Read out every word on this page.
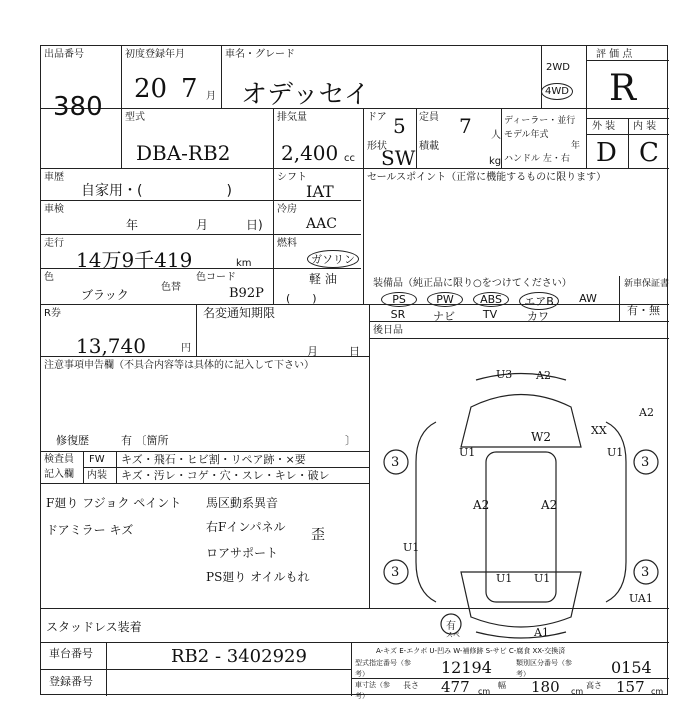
出品番号
380
初度登録年月
20 7 月
車名・グレード
オデッセイ
2WD
4WD
評 価 点
R
型式
DBA-RB2
排気量
2,400 cc
ドア 5 定員 7 人
形状
SW 積載
kg
ディーラー・並行
モデル年式
年
ハンドル 左・右
外 装 内 装
D C
車歴
自家用・(　　　　　　)
シフト
IAT
セールスポイント（正常に機能するものに限ります）
車検
年	月	日)
冷房
AAC
走行
14万9千419	km
燃料
ガソリン
軽 油
(　　)
色
ブラック
色替
色コード
B92P
装備品（純正品に限り○をつけてください）	新車保証書
有・無
PS	PW	ABS	エアB	AW
SR	ナビ	TV	カワ
後日品
R券
13,740	円
名変通知期限
月	日
注意事項申告欄（不具合内容等は具体的に記入して下さい）
修復歴	有 〔箇所	〕
検査員
記入欄
FW キズ・飛石・ヒビ割・リペア跡・×要
内装 キズ・汚レ・コゲ・穴・スレ・キレ・破レ
F廻り フジョク ペイント 馬区動系異音
ドアミラー キズ	右Fインパネル
ロアサポート
歪
PS廻り オイルもれ
スタッドレス装着
U3 A2
A2
XX
W2
U1	U1
A2	A2
U1
U1 U1
UA1
A1
3	3
3	3
有
スペ
A-キズ E-エクボ U-凹み W-補修跡 S-サビ C-腐食 XX-交換済
車台番号	RB2 - 3402929
登録番号
型式指定番号（参考）	12194	類別区分番号（参考）	0154
車寸法（参考）
長さ 477 cm
幅 180 cm
高さ 157 cm
